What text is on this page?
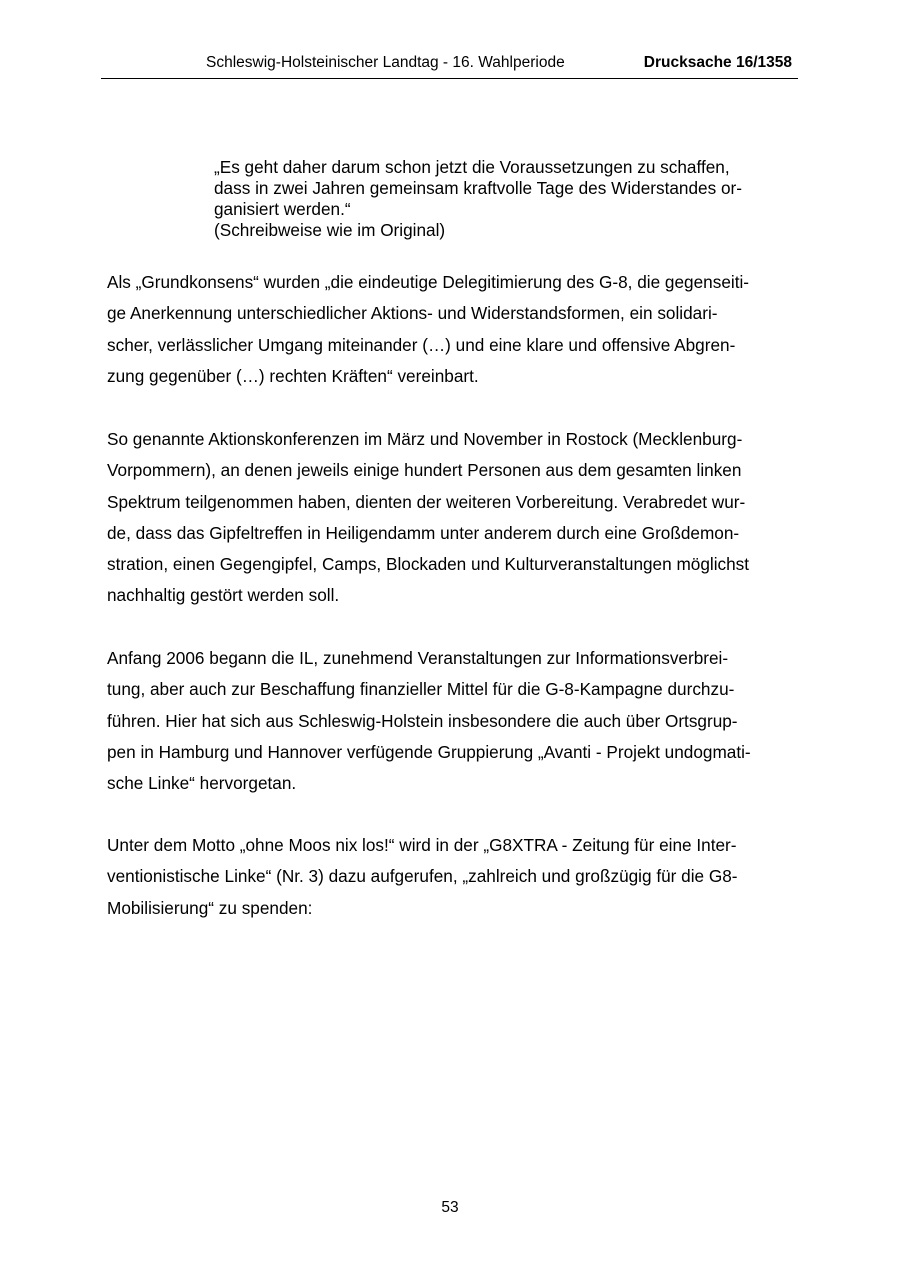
Schleswig-Holsteinischer Landtag - 16. Wahlperiode	Drucksache 16/1358

„Es geht daher darum schon jetzt die Voraussetzungen zu schaffen,

dass in zwei Jahren gemeinsam kraftvolle Tage des Widerstandes or-

ganisiert werden.“

(Schreibweise wie im Original)

Als „Grundkonsens“ wurden „die eindeutige Delegitimierung des G-8, die gegenseiti-
ge Anerkennung unterschiedlicher Aktions- und Widerstandsformen, ein solidari-
scher, verlässlicher Umgang miteinander (…) und eine klare und offensive Abgren-
zung gegenüber (…) rechten Kräften“ vereinbart.
So genannte Aktionskonferenzen im März und November in Rostock (Mecklenburg-
Vorpommern), an denen jeweils einige hundert Personen aus dem gesamten linken
Spektrum teilgenommen haben, dienten der weiteren Vorbereitung. Verabredet wur-
de, dass das Gipfeltreffen in Heiligendamm unter anderem durch eine Großdemon-
stration, einen Gegengipfel, Camps, Blockaden und Kulturveranstaltungen möglichst
nachhaltig gestört werden soll.
Anfang 2006 begann die IL, zunehmend Veranstaltungen zur Informationsverbrei-
tung, aber auch zur Beschaffung finanzieller Mittel für die G-8-Kampagne durchzu-
führen. Hier hat sich aus Schleswig-Holstein insbesondere die auch über Ortsgrup-
pen in Hamburg und Hannover verfügende Gruppierung „Avanti - Projekt undogmati-
sche Linke“ hervorgetan.
Unter dem Motto „ohne Moos nix los!“ wird in der „G8XTRA - Zeitung für eine Inter-
ventionistische Linke“ (Nr. 3) dazu aufgerufen, „zahlreich und großzügig für die G8-
Mobilisierung“ zu spenden:
53
